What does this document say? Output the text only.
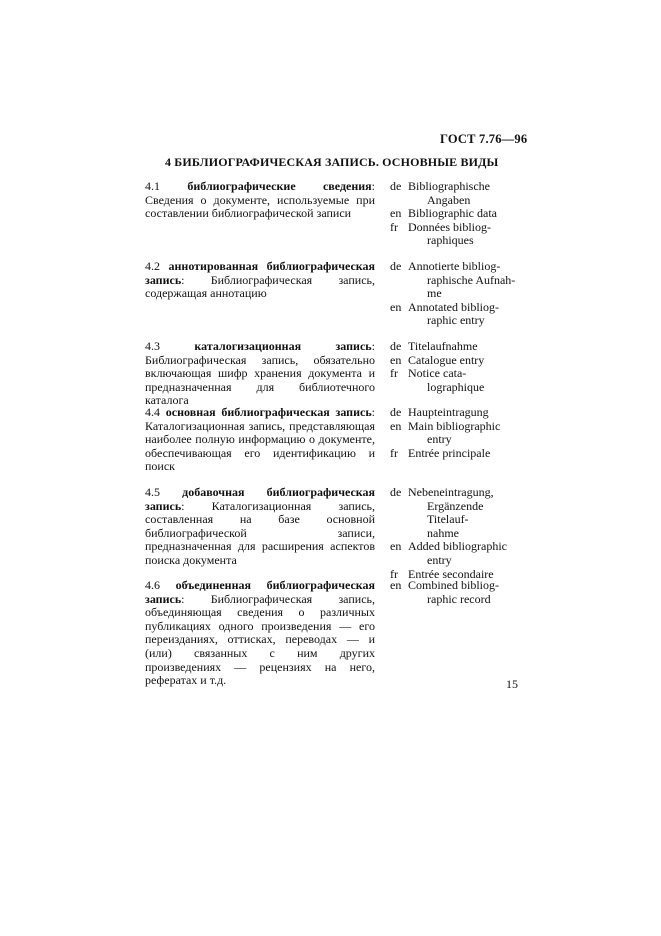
ГОСТ 7.76—96
4 БИБЛИОГРАФИЧЕСКАЯ ЗАПИСЬ. ОСНОВНЫЕ ВИДЫ
4.1 библиографические сведения: Сведения о документе, используемые при составлении библиографической записи
de Bibliographische
Angaben
en Bibliographic data
fr Données bibliog-
raphiques
4.2 аннотированная библиографическая запись: Библиографическая запись, содержащая аннотацию
de Annotierte bibliog-
raphische Aufnah-
me
en Annotated bibliog-
raphic entry
4.3	каталогизационная запись: Библиографическая запись, обязательно включающая шифр хранения документа и предназначенная для библиотечного каталога
de Titelaufnahme
en Catalogue entry
fr Notice cata-
lographique
4.4 основная библиографическая запись: Каталогизационная запись, представляющая наиболее полную информацию о документе, обеспечивающая его идентификацию и поиск
de Haupteintragung
en Main bibliographic
entry
fr Entrée principale
4.5 добавочная библиографическая запись: Каталогизационная запись, составленная на базе основной библиографической записи, предназначенная для расширения аспектов поиска документа
de Nebeneintragung,
Ergänzende Titelauf-
nahme
en Added bibliographic
entry
fr Entrée secondaire
4.6 объединенная библиографическая запись: Библиографическая запись, объединяющая сведения о различных публикациях одного произведения — его переизданиях, оттисках, переводах — и (или) связанных с ним других произведениях — рецензиях на него, рефератах и т.д.
en Combined bibliog-
raphic record
15
